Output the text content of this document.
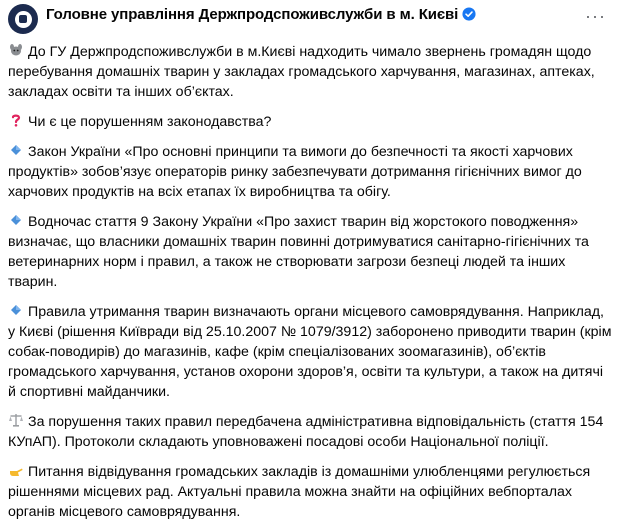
Головне управління Держпродспоживслужби в м. Києві	···

До ГУ Держпродспоживслужби в м.Києві надходить чимало звернень громадян щодо перебування домашніх тварин у закладах громадського харчування, магазинах, аптеках, закладах освіти та інших об’єктах.

Чи є це порушенням законодавства?

Закон України «Про основні принципи та вимоги до безпечності та якості харчових продуктів» зобов’язує операторів ринку забезпечувати дотримання гігієнічних вимог до харчових продуктів на всіх етапах їх виробництва та обігу.

Водночас стаття 9 Закону України «Про захист тварин від жорстокого поводження» визначає, що власники домашніх тварин повинні дотримуватися санітарно-гігієнічних та ветеринарних норм і правил, а також не створювати загрози безпеці людей та інших тварин.

Правила утримання тварин визначають органи місцевого самоврядування. Наприклад, у Києві (рішення Київради від 25.10.2007 № 1079/3912) заборонено приводити тварин (крім собак-поводирів) до магазинів, кафе (крім спеціалізованих зоомагазинів), об’єктів громадського харчування, установ охорони здоров’я, освіти та культури, а також на дитячі й спортивні майданчики.

За порушення таких правил передбачена адміністративна відповідальність (стаття 154 КУпАП). Протоколи складають уповноважені посадові особи Національної поліції.

Питання відвідування громадських закладів із домашніми улюбленцями регулюється рішеннями місцевих рад. Актуальні правила можна знайти на офіційних вебпорталах органів місцевого самоврядування.
